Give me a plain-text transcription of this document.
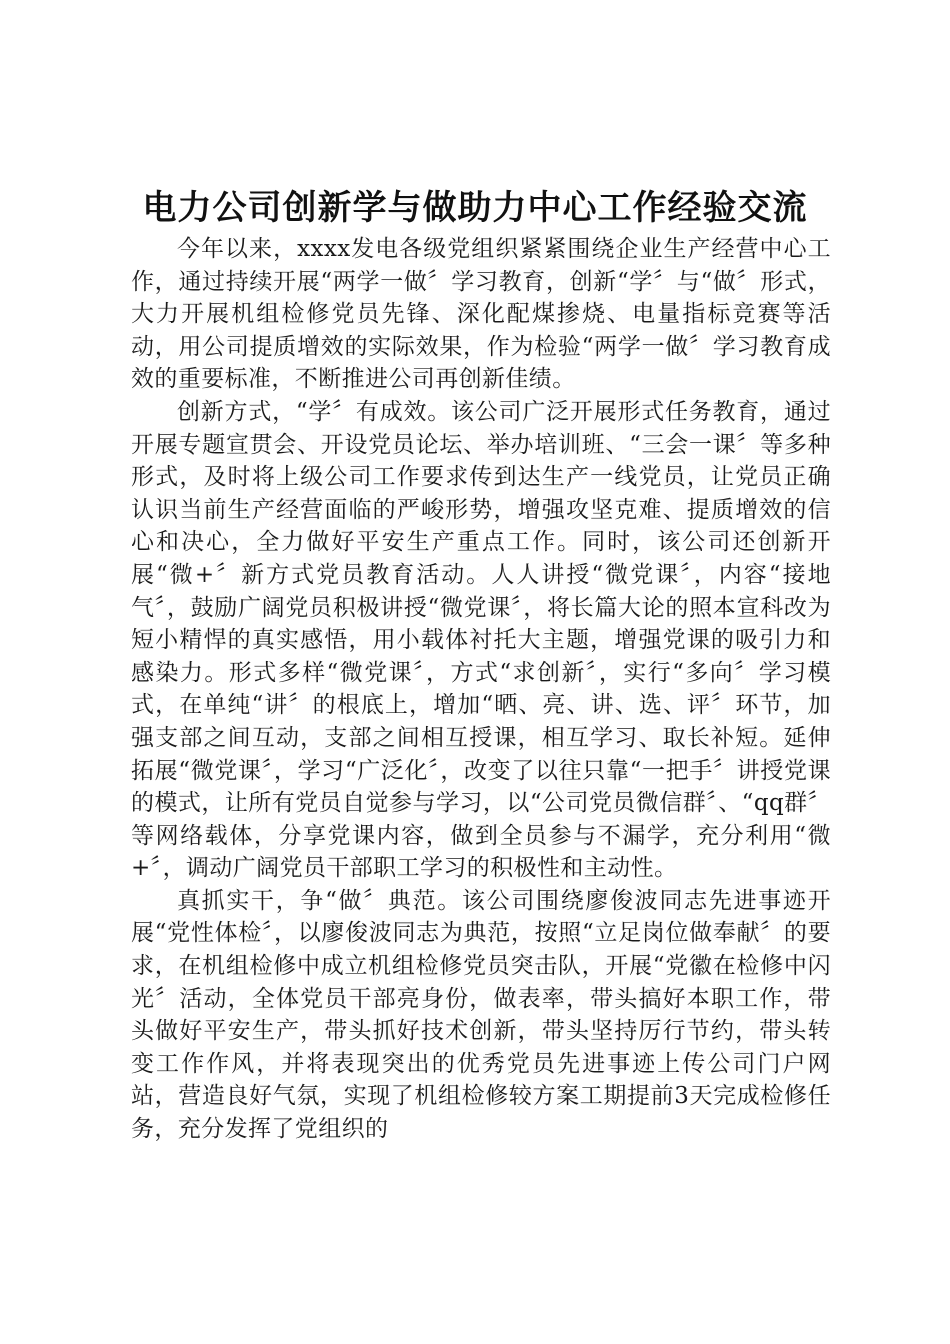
电力公司创新学与做助力中心工作经验交流

今年以来，xxxx发电各级党组织紧紧围绕企业生产经营中心工作，通过持续开展“两学一做〞学习教育，创新“学〞与“做〞形式，大力开展机组检修党员先锋、深化配煤掺烧、电量指标竞赛等活动，用公司提质增效的实际效果，作为检验“两学一做〞学习教育成效的重要标准，不断推进公司再创新佳绩。

创新方式，“学〞有成效。该公司广泛开展形式任务教育，通过开展专题宣贯会、开设党员论坛、举办培训班、“三会一课〞等多种形式，及时将上级公司工作要求传到达生产一线党员，让党员正确认识当前生产经营面临的严峻形势，增强攻坚克难、提质增效的信心和决心，全力做好平安生产重点工作。同时，该公司还创新开展“微+〞新方式党员教育活动。人人讲授“微党课〞，内容“接地气〞，鼓励广阔党员积极讲授“微党课〞，将长篇大论的照本宣科改为短小精悍的真实感悟，用小载体衬托大主题，增强党课的吸引力和感染力。形式多样“微党课〞，方式“求创新〞，实行“多向〞学习模式，在单纯“讲〞的根底上，增加“晒、亮、讲、选、评〞环节，加强支部之间互动，支部之间相互授课，相互学习、取长补短。延伸拓展“微党课〞，学习“广泛化〞，改变了以往只靠“一把手〞讲授党课的模式，让所有党员自觉参与学习，以“公司党员微信群〞、“qq群〞等网络载体，分享党课内容，做到全员参与不漏学，充分利用“微+〞，调动广阔党员干部职工学习的积极性和主动性。

真抓实干，争“做〞典范。该公司围绕廖俊波同志先进事迹开展“党性体检〞，以廖俊波同志为典范，按照“立足岗位做奉献〞的要求，在机组检修中成立机组检修党员突击队，开展“党徽在检修中闪光〞活动，全体党员干部亮身份，做表率，带头搞好本职工作，带头做好平安生产，带头抓好技术创新，带头坚持厉行节约，带头转变工作作风，并将表现突出的优秀党员先进事迹上传公司门户网站，营造良好气氛，实现了机组检修较方案工期提前3天完成检修任务，充分发挥了党组织的
